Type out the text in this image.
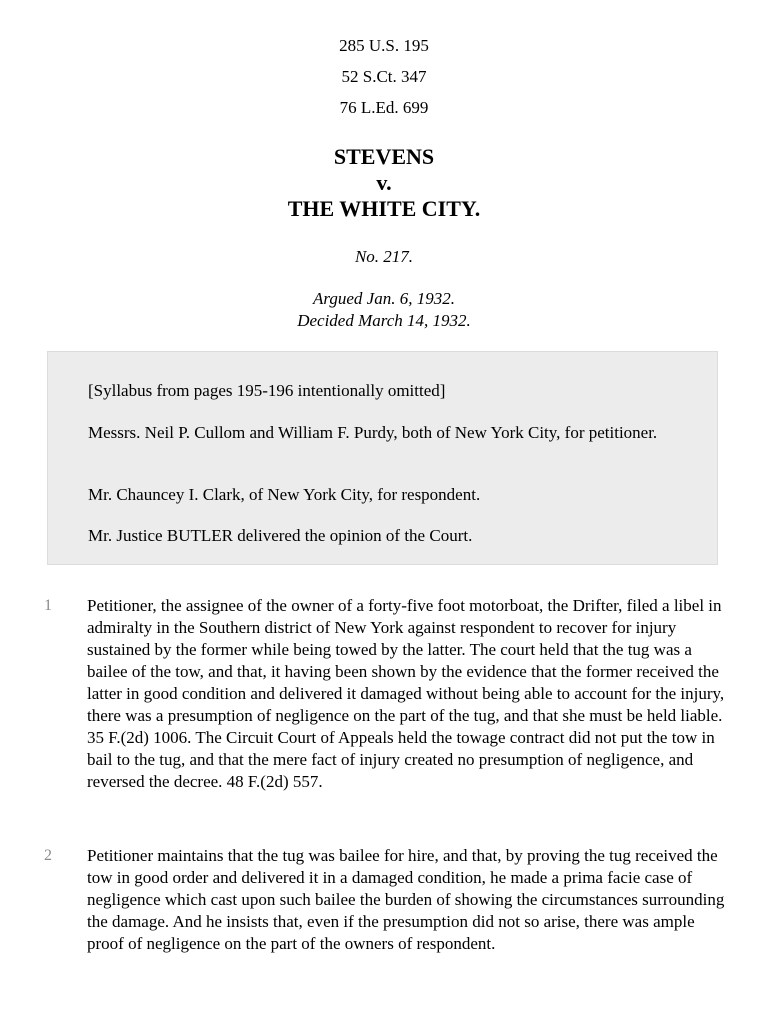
285 U.S. 195
52 S.Ct. 347
76 L.Ed. 699
STEVENS
v.
THE WHITE CITY.
No. 217.
Argued Jan. 6, 1932.
Decided March 14, 1932.

[Syllabus from pages 195-196 intentionally omitted]

Messrs. Neil P. Cullom and William F. Purdy, both of New York City, for petitioner.

Mr. Chauncey I. Clark, of New York City, for respondent.

Mr. Justice BUTLER delivered the opinion of the Court.

1 Petitioner, the assignee of the owner of a forty-five foot motorboat, the Drifter, filed a libel in admiralty in the Southern district of New York against respondent to recover for injury sustained by the former while being towed by the latter. The court held that the tug was a bailee of the tow, and that, it having been shown by the evidence that the former received the latter in good condition and delivered it damaged without being able to account for the injury, there was a presumption of negligence on the part of the tug, and that she must be held liable. 35 F.(2d) 1006. The Circuit Court of Appeals held the towage contract did not put the tow in bail to the tug, and that the mere fact of injury created no presumption of negligence, and reversed the decree. 48 F.(2d) 557.

2 Petitioner maintains that the tug was bailee for hire, and that, by proving the tug received the tow in good order and delivered it in a damaged condition, he made a prima facie case of negligence which cast upon such bailee the burden of showing the circumstances surrounding the damage. And he insists that, even if the presumption did not so arise, there was ample proof of negligence on the part of the owners of respondent.
